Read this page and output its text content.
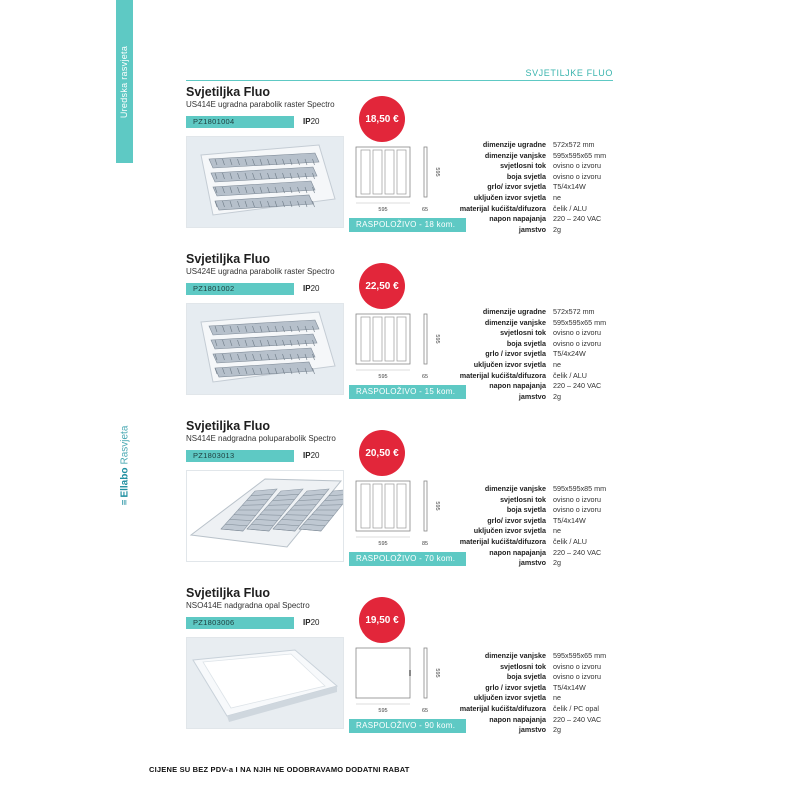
Uredska rasvjeta
≡
Ellabo
Rasvjeta
SVJETILJKE FLUO
Svjetiljka Fluo
US414E ugradna parabolik raster Spectro
PZ1801004	IP20	18,50 €
595	65
595
RASPOLOŽIVO - 18 kom.
dimenzije ugradne 572x572 mm
dimenzije vanjske 595x595x65 mm
svjetlosni tok ovisno o izvoru
boja svjetla ovisno o izvoru
grlo/ izvor svjetla T5/4x14W
uključen izvor svjetla ne
materijal kućišta/difuzora čelik / ALU
napon napajanja 220 – 240 VAC
jamstvo 2g
Svjetiljka Fluo
US424E ugradna parabolik raster Spectro
PZ1801002	IP20	22,50 €
595	65
595
RASPOLOŽIVO - 15 kom.
dimenzije ugradne 572x572 mm
dimenzije vanjske 595x595x65 mm
svjetlosni tok ovisno o izvoru
boja svjetla ovisno o izvoru
grlo / izvor svjetla T5/4x24W
uključen izvor svjetla ne
materijal kućišta/difuzora čelik / ALU
napon napajanja 220 – 240 VAC
jamstvo 2g
Svjetiljka Fluo
NS414E nadgradna poluparabolik Spectro
PZ1803013	IP20	20,50 €
595	85
595
RASPOLOŽIVO - 70 kom.
dimenzije vanjske 595x595x85 mm
svjetlosni tok ovisno o izvoru
boja svjetla ovisno o izvoru
grlo/ izvor svjetla T5/4x14W
uključen izvor svjetla ne
materijal kućišta/difuzora čelik / ALU
napon napajanja 220 – 240 VAC
jamstvo 2g
Svjetiljka Fluo
NSO414E nadgradna opal Spectro
PZ1803006	IP20	19,50 €
595	65
595
RASPOLOŽIVO - 90 kom.
dimenzije vanjske 595x595x65 mm
svjetlosni tok ovisno o izvoru
boja svjetla ovisno o izvoru
grlo / izvor svjetla T5/4x14W
uključen izvor svjetla ne
materijal kućišta/difuzora čelik / PC opal
napon napajanja 220 – 240 VAC
jamstvo 2g
CIJENE SU BEZ PDV-a I NA NJIH NE ODOBRAVAMO DODATNI RABAT
